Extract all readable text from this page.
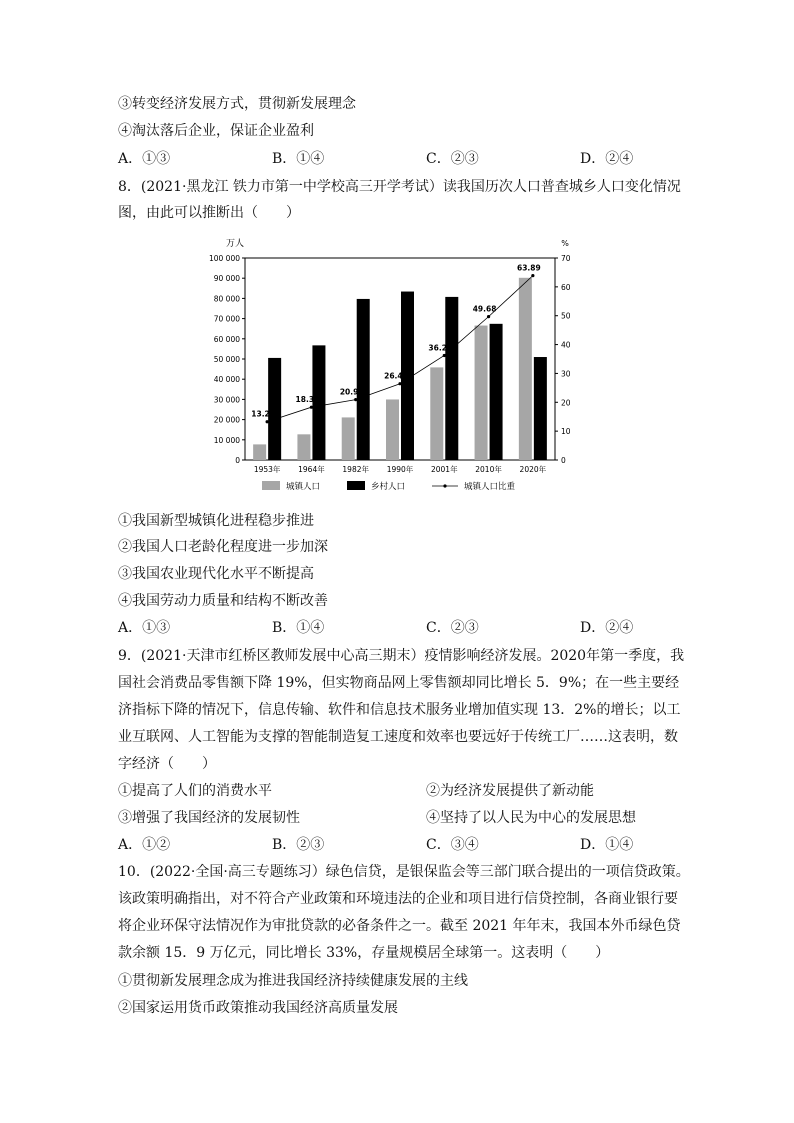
③转变经济发展方式，贯彻新发展理念
④淘汰落后企业，保证企业盈利
A．①③	B．①④	C．②③	D．②④
8．(2021·黑龙江 铁力市第一中学校高三开学考试）读我国历次人口普查城乡人口变化情况
图，由此可以推断出（　　）
万人	%
0
10 000
20 000
30 000
40 000
50 000
60 000
70 000
80 000
90 000
100 000
0
10
20
30
40
50
60
70
1953年 1964年 1982年 1990年 2001年 2010年 2020年
13.26
18.30
20.91
26.44
36.22
49.68
63.89
城镇人口	乡村人口	城镇人口比重
①我国新型城镇化进程稳步推进
②我国人口老龄化程度进一步加深
③我国农业现代化水平不断提高
④我国劳动力质量和结构不断改善
A．①③	B．①④	C．②③	D．②④
9．(2021·天津市红桥区教师发展中心高三期末）疫情影响经济发展。2020年第一季度，我
国社会消费品零售额下降 19%，但实物商品网上零售额却同比增长 5．9%；在一些主要经
济指标下降的情况下，信息传输、软件和信息技术服务业增加值实现 13．2%的增长；以工
业互联网、人工智能为支撑的智能制造复工速度和效率也要远好于传统工厂……这表明，数
字经济（　　）
①提高了人们的消费水平	②为经济发展提供了新动能
③增强了我国经济的发展韧性	④坚持了以人民为中心的发展思想
A．①②	B．②③	C．③④	D．①④
10．(2022·全国·高三专题练习）绿色信贷，是银保监会等三部门联合提出的一项信贷政策。
该政策明确指出，对不符合产业政策和环境违法的企业和项目进行信贷控制，各商业银行要
将企业环保守法情况作为审批贷款的必备条件之一。截至 2021 年年末，我国本外币绿色贷
款余额 15．9 万亿元，同比增长 33%，存量规模居全球第一。这表明（　　）
①贯彻新发展理念成为推进我国经济持续健康发展的主线
②国家运用货币政策推动我国经济高质量发展
